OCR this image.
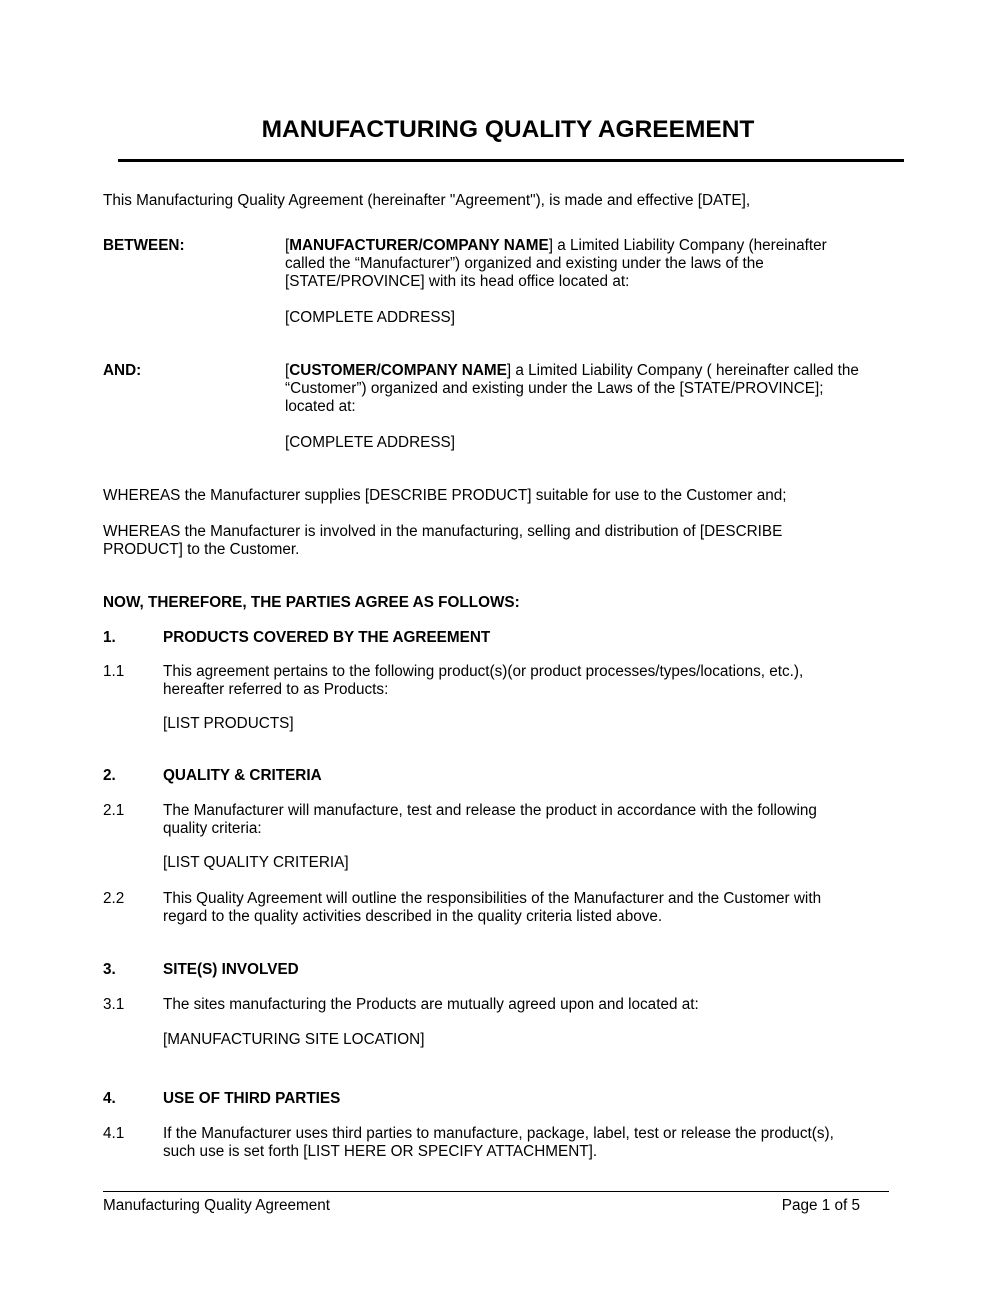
MANUFACTURING QUALITY AGREEMENT
This Manufacturing Quality Agreement (hereinafter "Agreement"), is made and effective [DATE],
BETWEEN:	[MANUFACTURER/COMPANY NAME] a Limited Liability Company (hereinafter
called the “Manufacturer”) organized and existing under the laws of the
[STATE/PROVINCE] with its head office located at:
[COMPLETE ADDRESS]
AND:	[CUSTOMER/COMPANY NAME] a Limited Liability Company ( hereinafter called the
“Customer”) organized and existing under the Laws of the [STATE/PROVINCE];
located at:
[COMPLETE ADDRESS]
WHEREAS the Manufacturer supplies [DESCRIBE PRODUCT] suitable for use to the Customer and;
WHEREAS the Manufacturer is involved in the manufacturing, selling and distribution of [DESCRIBE
PRODUCT] to the Customer.
NOW, THEREFORE, THE PARTIES AGREE AS FOLLOWS:
1.	PRODUCTS COVERED BY THE AGREEMENT
1.1	This agreement pertains to the following product(s)(or product processes/types/locations, etc.),
hereafter referred to as Products:
[LIST PRODUCTS]
2.	QUALITY & CRITERIA
2.1	The Manufacturer will manufacture, test and release the product in accordance with the following
quality criteria:
[LIST QUALITY CRITERIA]
2.2	This Quality Agreement will outline the responsibilities of the Manufacturer and the Customer with
regard to the quality activities described in the quality criteria listed above.
3.	SITE(S) INVOLVED
3.1	The sites manufacturing the Products are mutually agreed upon and located at:
[MANUFACTURING SITE LOCATION]
4.	USE OF THIRD PARTIES
4.1	If the Manufacturer uses third parties to manufacture, package, label, test or release the product(s),
such use is set forth [LIST HERE OR SPECIFY ATTACHMENT].
Manufacturing Quality Agreement	Page 1 of 5
